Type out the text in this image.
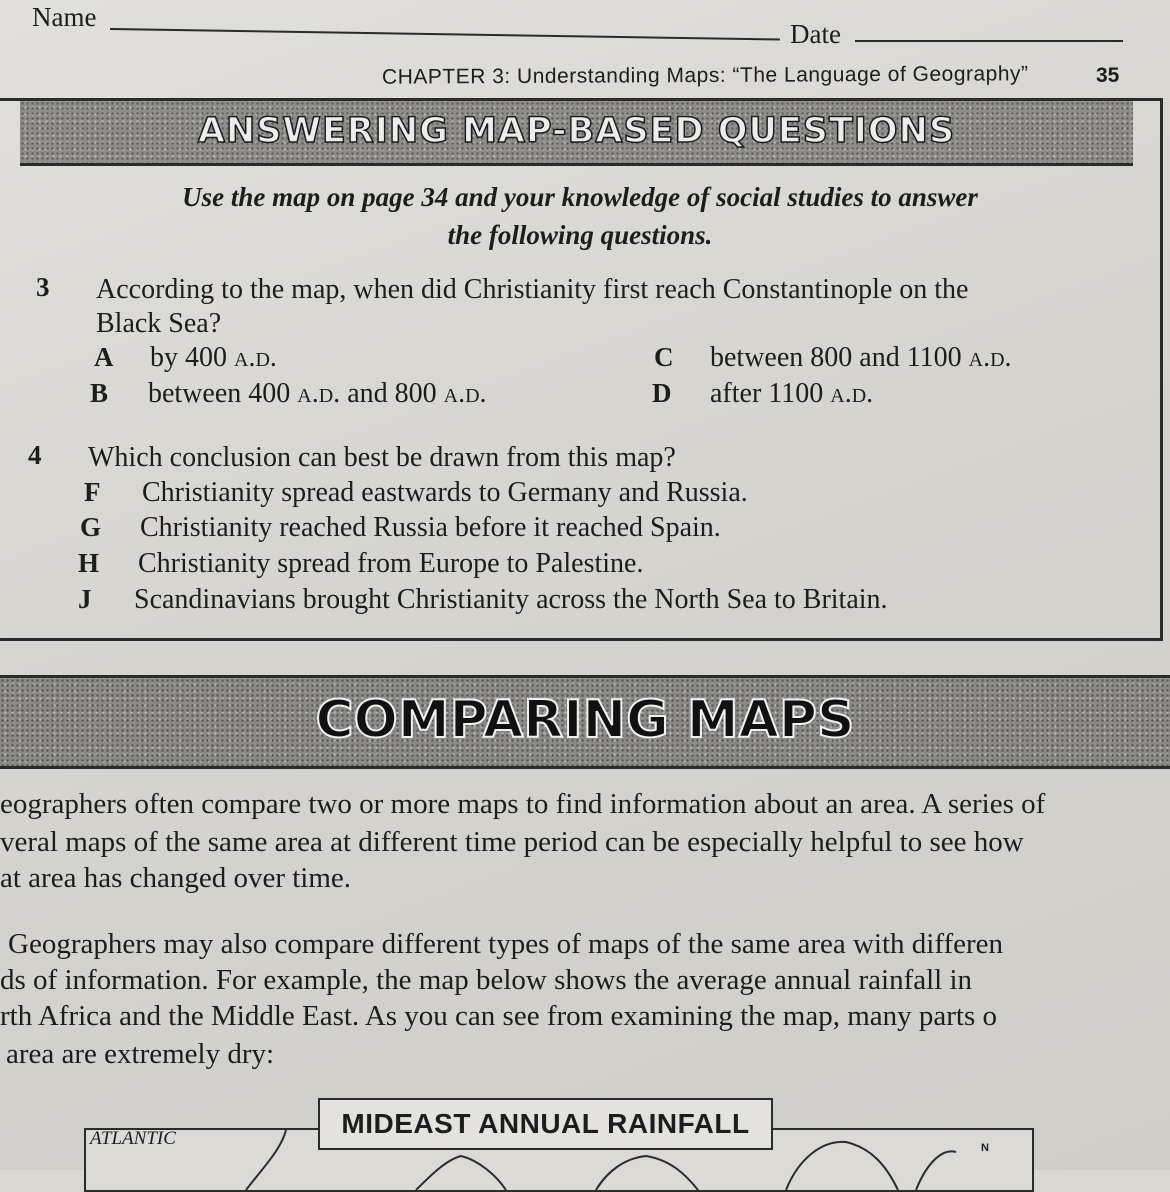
Name
Date
CHAPTER 3: Understanding Maps: “The Language of Geography”	35
ANSWERING MAP-BASED QUESTIONS
Use the map on page 34 and your knowledge of social studies to answer
the following questions.
3 According to the map, when did Christianity first reach Constantinople on the
Black Sea?
A by 400 a.d.
B between 400 a.d. and 800 a.d.
C between 800 and 1100 a.d.
D after 1100 a.d.
4 Which conclusion can best be drawn from this map?
F Christianity spread eastwards to Germany and Russia.
G Christianity reached Russia before it reached Spain.
H Christianity spread from Europe to Palestine.
J Scandinavians brought Christianity across the North Sea to Britain.
COMPARING MAPS
eographers often compare two or more maps to find information about an area. A series of
veral maps of the same area at different time period can be especially helpful to see how
at area has changed over time.
Geographers may also compare different types of maps of the same area with differen
ds of information. For example, the map below shows the average annual rainfall in
rth Africa and the Middle East. As you can see from examining the map, many parts o
area are extremely dry:
N
ATLANTIC	MIDEAST ANNUAL RAINFALL
